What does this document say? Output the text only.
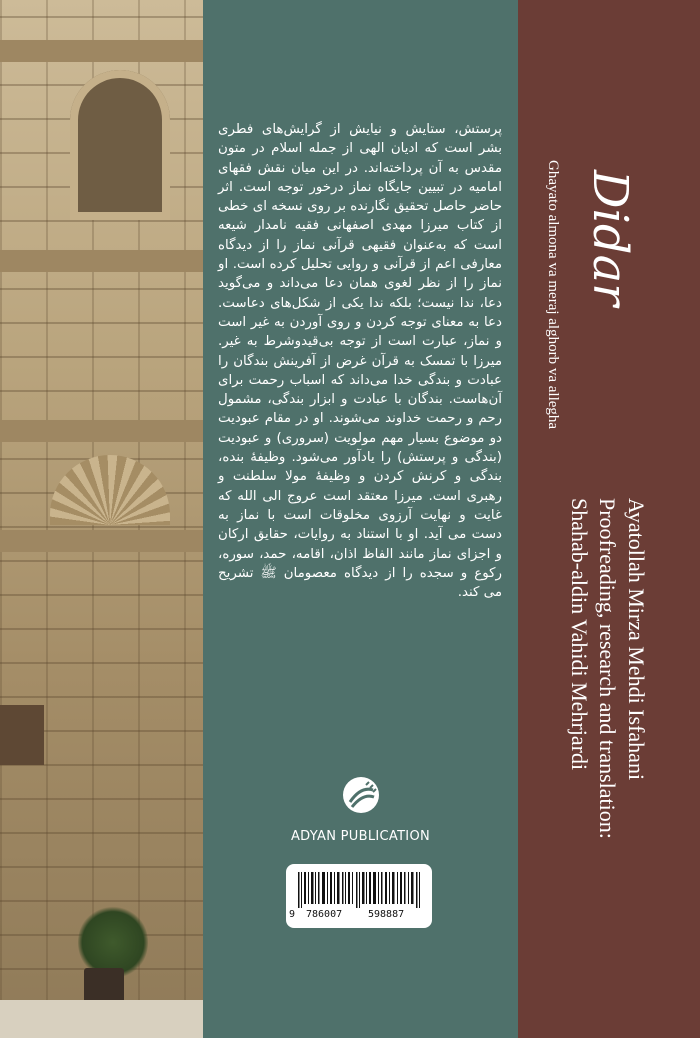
پرستش، ستایش و نیایش از گرایش‌های فطری بشر است که ادیان الهی از جمله اسلام در متون مقدس به آن پرداخته‌اند. در این میان نقش فقهای امامیه در تبیین جایگاه نماز درخور توجه است. اثر حاضر حاصل تحقیق نگارنده بر روی نسخه ای خطی از کتاب میرزا مهدی اصفهانی فقیه نامدار شیعه است که به‌عنوان فقیهی قرآنی نماز را از دیدگاه معارفی اعم از قرآنی و روایی تحلیل کرده است. او نماز را از نظر لغوی همان دعا می‌داند و می‌گوید دعا، ندا نیست؛ بلکه ندا یکی از شکل‌های دعاست. دعا به معنای توجه کردن و روی آوردن به غیر است و نماز، عبارت است از توجه بی‌قیدوشرط به غیر. میرزا با تمسک به قرآن غرض از آفرینش بندگان را عبادت و بندگی خدا می‌داند که اسباب رحمت برای آن‌هاست. بندگان با عبادت و ابزار بندگی، مشمول رحم و رحمت خداوند می‌شوند. او در مقام عبودیت دو موضوع بسیار مهم مولویت (سروری) و عبودیت (بندگی و پرستش) را یادآور می‌شود. وظیفهٔ بنده، بندگی و کرنش کردن و وظیفهٔ مولا سلطنت و رهبری است. میرزا معتقد است عروج الی الله که غایت و نهایت آرزوی مخلوقات است با نماز به دست می آید. او با استناد به روایات، حقایق ارکان و اجزای نماز مانند الفاظ اذان، اقامه، حمد، سوره، رکوع و سجده را از دیدگاه معصومان ﷺ تشریح می کند.

ADYAN PUBLICATION
9 786007	598887
Didar
Ghayato almona va meraj alghorb va allegha
Ayatollah Mirza Mehdi Isfahani
Proofreading, research and translation:
Shahab-aldin Vahidi Mehrjardi
